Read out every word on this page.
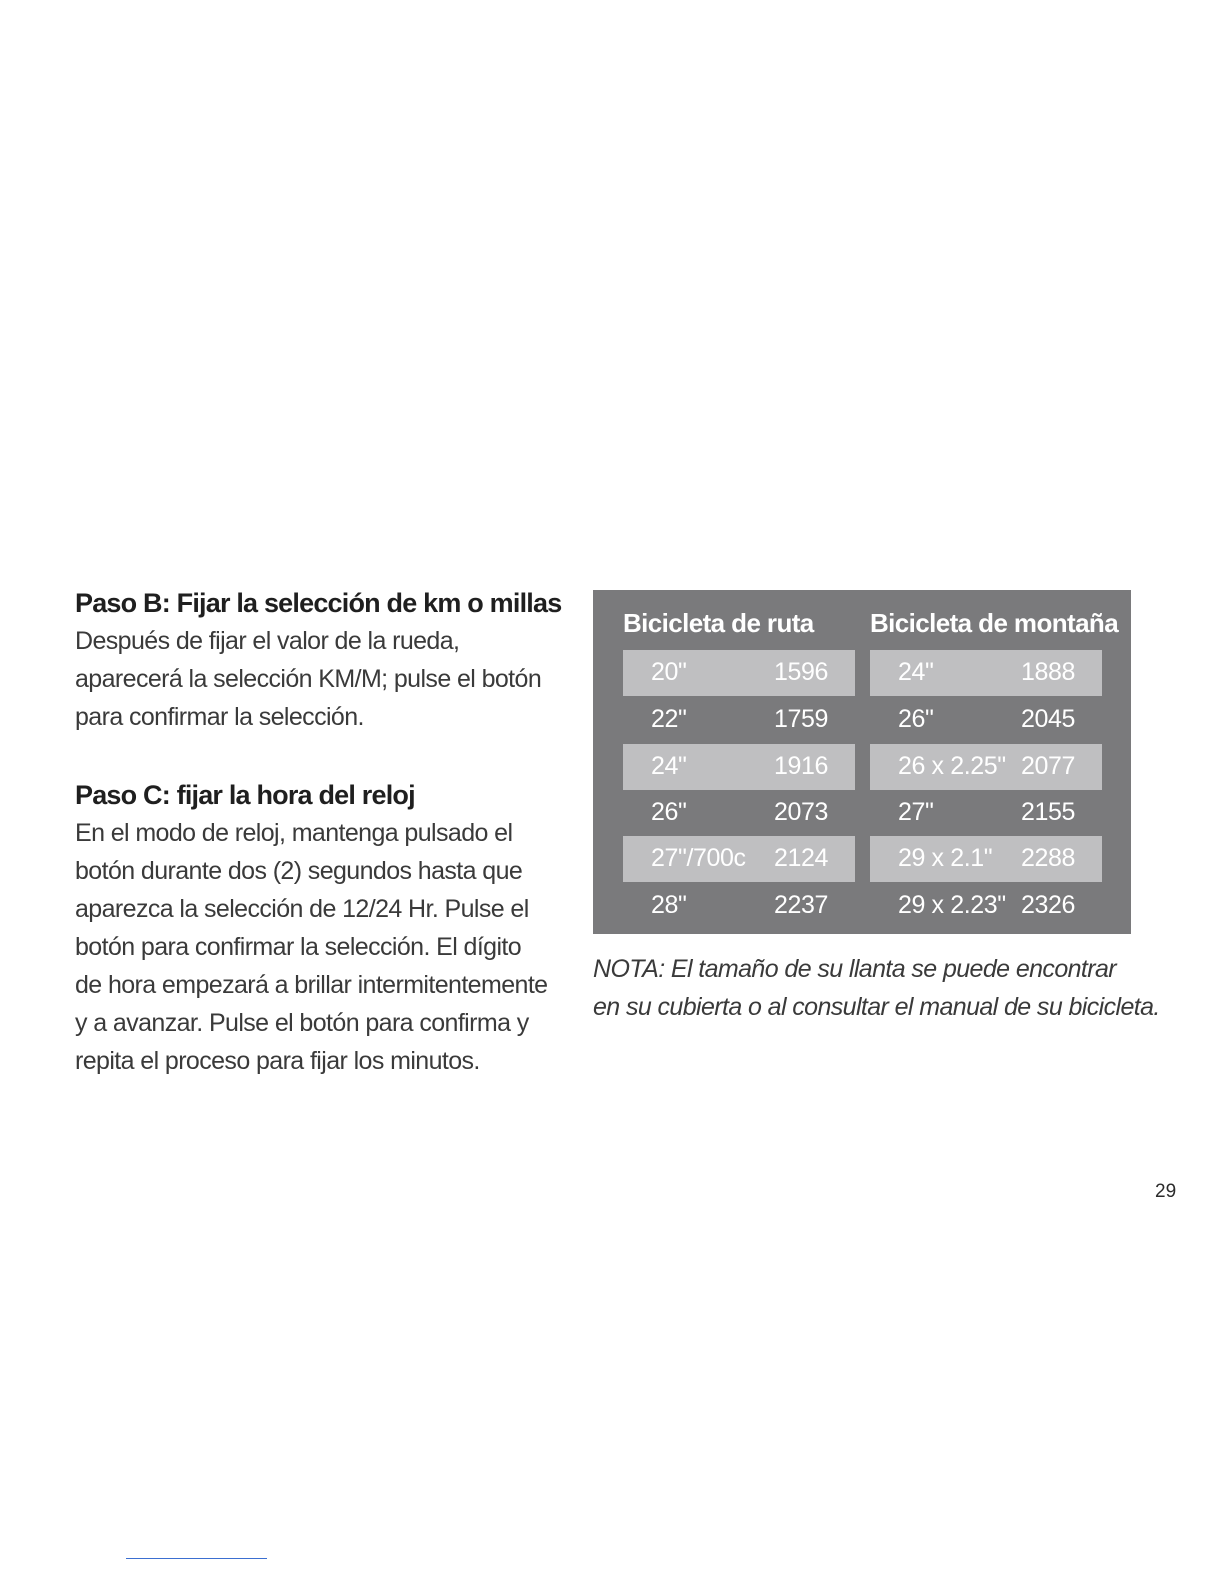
Paso B: Fijar la selección de km o millas

Después de fijar el valor de la rueda,
aparecerá la selección KM/M; pulse el botón
para confirmar la selección.

Paso C: fijar la hora del reloj

En el modo de reloj, mantenga pulsado el
botón durante dos (2) segundos hasta que
aparezca la selección de 12/24 Hr. Pulse el
botón para confirmar la selección. El dígito
de hora empezará a brillar intermitentemente
y a avanzar. Pulse el botón para confirma y
repita el proceso para fijar los minutos.

Bicicleta de ruta
20"	1596
22"	1759
24"	1916
26"	2073
27"/700c 2124
28"	2237
Bicicleta de montaña
24"	1888
26"	2045
26 x 2.25" 2077
27"	2155
29 x 2.1" 2288
29 x 2.23" 2326
NOTA: El tamaño de su llanta se puede encontrar
en su cubierta o al consultar el manual de su bicicleta.
29
